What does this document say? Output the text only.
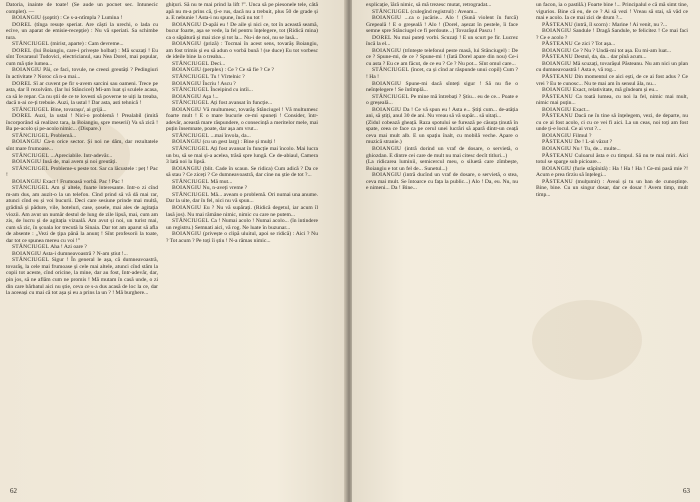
Datoria, inainte de toate! (Se aude un pocnet sec. Intunecic complet). —

BOIANGIU (șoptit) : Ce s-a-ntîmpla ? Lumina !

DOREL (tînga resuțe speriat. Are căști la urechi, o lada cu ecive, un aparat de emisie-recepție) : Nu vă speriati. Sa schimbe tura.

STĂNCIUGEL (mirist, aparte) : Cam devreme...

DOREL (lui Boiangiu, care-i privește holbat) : Mă scuzați ! Eu sînt Tovarasul Tudovici, electricianul, sau Nea Dorel, mai popular, cum mă știe lumea...

BOIANGIU Păi, ce faci, tovule, ne creezi greutăți ? Pedingiuri în activitate ? Noroc că n-a mai...

DOREL Sî ar cuvent pe fir s-avem sarcini sau oameni. Trece pe asta, dar îl rezolvăm. (Iar lui Stăncicel) Mi-am luat și sculele acasa, ca să le repar. Ca nu știi de ce te lovesti să poverne te uiți la treaba, dacă n-ai ce-ți trebuie. Auzi, la ustal ! Dar asta, asti tehnică !

STĂNCIUGEL Bine, tovarașu', ai grijă...

DOREL Auzi, la ustal ! Nici-o problemă ! Prealabil (imită încorporând să realizez tara, la Boiangiu, spre meserii) Va să zică ! Ba pe-acolo și pe-acolo nimic... (Dispare.)

STĂNCIUGEL Problemă...

BOIANGIU Ca-n orice sector. Și noi ne dăm, dar rezultatele sînt mare frumoase...

STĂNCIUGEL ...Apreciabile. Intr-adevăr...

BOIANGIU Insă de, mai avem și noi greutăți.

STĂNCIUGEL Probleme-s peste tot. Sar ca lăcustele : peț ! Pac !

BOIANGIU Exact ! Frumoasă vorbă. Pac ! Pac !

STĂNCIUGEL Am și altele, foarte interesante. Intr-o zi cînd m-am dus, am auzit-o la un telefon. Cînd prind să vă dă mai rar, atunci cînd eu și voi bucurii. Deci care sesiune prinde mai multă, grădină și pădure, vile, hoteluri, case, șosele, mai ales de agitația viozii. Am avut un număr destul de lung de zile lipsă, mai, cum am zis, de lucru și de agitația vizuală. Am avut și noi, un turist mai, cum să zic, în școala lor trecută la Sinaia. Dar tot am aparut să afla de absente : „Vezi de țipa până la anunț ! Sînt profesorii la toate, dar tot ce spunea mereu cu voi !”

STĂNCIUGEL Aha ! Azi oare ?

BOIANGIU Asta-i dumneavoastră ? N-am știut !...

STĂNCIUGEL Sigur ! În general le așa, că dumneavoastră, tovarăș, la cele mai frumoase și cele mai altele, atunci cînd stăm la copii tot aceste, cînd oricine, la mine, dar au fost, Intr-adevăr, dar, pin jos, să ne aflăm cum ne promis ! Mă mutam în casă unde, o zi din care bărbatul aici nu știe, ceva ce s-a dus acasă de loc la ce, dar la aceeași cu mai că tot așa și eu a prins la un ? ! Mă burghere...

ghițuri. Să nu te mai prind la lift !”. Unca să pe piesonele tele, câtă apă nu m-a prins că, ți-e rus, dacă nu a trebuit, plus 50 de grade și a. E nebunie ! Asta-i nu spune, încă nu tot !

BOIANGIU D-apăi eu ! De aile și nici ce, tot în această seamă, bucur foarte, așa se vede, la fel pentru înțelegere, tot (Ridică mina) ca o săpătură și mai zice și tot la... Nu-i de noi, nu se lasă...

BOIANGIU (priză) : Tocmai în acest sens, tovarăș Boiangiu, am fost trimis și eu să adun o vorbă bună ! (se duce) Eu tot vorbesc de ideile bine la o treaba...

STĂNCIUGEL Deci...

BOIANGIU (perplex) : Ce ? Ce să fie ? Ce ?

STĂNCIUGEL Tu ! Vîrtelnic ?

BOIANGIU Încriu ! Ascu ?

STĂNCIUGEL Înceipind cu intîi...

BOIANGIU Aşa !...

STĂNCIUGEL Ați fost avansat în funcție...

BOIANGIU Vă multumesc, tovarăș Stănciugel ! Vă multumesc foarte mult ! E o mare bucurie ce-mi spuneți ! Consider, într-adevăr, această mare răspundere, o consecință a meritelor mele, mai puțin însemnate, poate, dar așa am vrut...

STĂNCIUGEL ...mai învola, da...

BOIANGIU (cu un gest larg) : Bine și mulți !

STĂNCIUGEL Ați fost avansat în funcție mai încolo. Mai lucra un bu, să se mai și-a acelea, trăsă spre lungă. Ce de-abiaul, Camera 3 lată noi la lipsă.

BOIANGIU (blit. Cade în scaun. Se ridica) Cum adică ? Da ce să stau ? Ce ziceți ? Ce dumneavoastră, dar cine nu știe de tot ?...

STĂNCIUGEL Mă mut...

BOIANGIU Nu, n-aveți vreme ?

STĂNCIUGEL Mă... aveam o problemă. Ori numai una anume. Dar la uite, dar în fel, nici nu vă spun...

BOIANGIU Eu ? Nu vă supărați. (Ridică degetul, iar acum îl lasă jos). Nu mai rămâne nimic, nimic cu care ne putem...

STĂNCIUGEL Ca ! Numai acolo ! Numai acolo... (în intindere un registru.) Semnati aici, vă rog. Ne luate în buzunar...

BOIANGIU (privește o clipă uluitul, apoi se ridică) : Aici ? Nu ? Tot acum ? Pe toți îi știu ! N-a rămas nimic...

62

explicație, îără nimic, să mă trezesc mutat, retrogradat...

STĂNCIUGEL (culegînd registrul) : Aveam...

BOIANGIU ...ca o jucărie... Alo ! (Sună violent în furcă) Grepeală ! E o greșeală ! Alo ! (Dorel, așezat în pestele, îi face semne spre Stănciugel ce fi perdoute...) Tovarășul Pascu !

DOREL Nu mai puteți vorbi. Scuzați ! E un scurt pe fir. Lucrez încă la el...

BOIANGIU (trîntește telefonul peste masă, lui Stănciugel) : De ce ? Spune-mi, de ce ? Spune-mi ! (Iată Dorel apare din nou) Ce-i cu asta ? Eu ce am făcut, de ce eu ? Ce ? Nu pot... Sînt omul care...

STĂNCIUGEL (încet, ca și cînd ar răspunde unui copil) Cum ? ! Ha !

BOIANGIU Spune-mi dacă sînteți sigur ! Să nu fie o neînțelegere ! Se întîmplă...

STĂNCIUGEL Pe mine mă întrebați ? Știu... eu de ce... Poate e o greșeală...

BOIANGIU Da ! Ce vă spun eu ! Asta e... Știți cum... de-atâția ani, să știți, anul 30 de ani. Nu vreau să vă supăr... să uitați...

(Zidul cobează gheață. Raza spotului se furează pe căsuța ținută în spate, ceea ce face ca pe cerul unei lucrări să apară dintr-un ceață ceva mai mult alb. E un spațiu înalt, cu mobilă veche. Apare o muzică stranie.)

BOIANGIU (intră dorind un vraf de dosare, o servietă, o ghiozdan. E dintre cei care de mult nu mai citesc decît titluri...)

(La ridicarea luminii, semicercul meu, o siluetă care zîmbește, Boiangiu e tot un fel de... Sunetul...)

BOIANGIU (intră ducînd un vraf de dosare, o servietă, o stea, ceva mai mult. Se întoarce cu fața la public...) Alo ! Da, eu. Nu, nu e nimeni... Da ! Bine...

un facon, ia o pastilă.) Foarte bine !... Principalul e că mă simt tine, vigurios. Bine că eu, de ce ? Ai să vezi ! Vreau să stai, să văd ce mai e acolo. Ia ce mai zici de drum ?...

PĂSTEANU (intră, îl scorn) : Marine ! Ai venit, nu ?...

BOIANGIU Sandule ! Dragă Sandule, te felicitez ! Ce mai faci ? Ce e acolo ?

PĂSTEANU Ce zici ? Tot așa...

BOIANGIU Ce ? Nu ? Undă-mi tot așa. Eu mi-am luat...

PĂSTEANU Destul, da, da... dar pînă acum...

BOIANGIU Mă scuzați, tovarășul Păsteanu. Nu am nici un plan cu dumneavoastră ! Asta e, vă rog...

PĂSTEANU Din momentul ce aici ești, de ce ai fost adus ? Ce vrei ? Eu te cunosc... Nu te mai am în sensul ăla, nu...

BOIANGIU Exact, relativitate, mă gîndeam și eu...

PĂSTEANU Ca toată lumea, cu noi la fel, nimic mai mult, nimic mai puțin...

BOIANGIU Exact...

PĂSTEANU Dacă ne în tine să înțelegem, vezi, de departe, nu cu ce ai fost acolo, ci cu ce vei fi aici. La un ceas, noi toți am fost unde ți-e locul. Ce ai vrut ?...

BOIANGIU Filmul ?

PĂSTEANU De ! L-ai văzut ?

BOIANGIU Nu ! Tu, de... multe...

PĂSTEANU Culoarul ăsta e cu timpul. Să nu te mai miri. Aici totul se sparge sub picioare...

BOIANGIU (furie stăpînită) : Ha ! Ha ! Ha ! Ce-mi pasă mie ?! Acum e prea tîrziu să înțelegi...

PĂSTEANU (mulțumit) : Aveai și tu un ban de cunoștințe. Bine, bine. Cu un singur dosar, dar ce dosar ! Avem timp, mult timp...

63
